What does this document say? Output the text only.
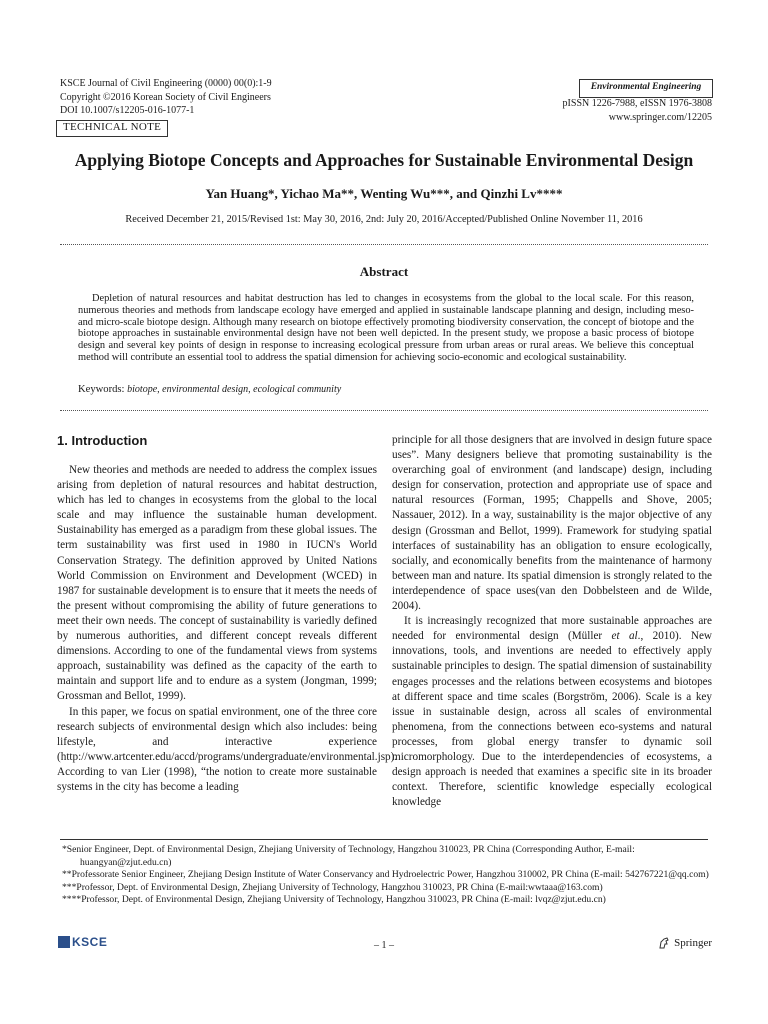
KSCE Journal of Civil Engineering (0000) 00(0):1-9
Copyright ©2016 Korean Society of Civil Engineers
DOI 10.1007/s12205-016-1077-1
TECHNICAL NOTE
Environmental Engineering
pISSN 1226-7988, eISSN 1976-3808
www.springer.com/12205
Applying Biotope Concepts and Approaches for Sustainable Environmental Design
Yan Huang*, Yichao Ma**, Wenting Wu***, and Qinzhi Lv****
Received December 21, 2015/Revised 1st: May 30, 2016, 2nd: July 20, 2016/Accepted/Published Online November 11, 2016
Abstract

Depletion of natural resources and habitat destruction has led to changes in ecosystems from the global to the local scale. For this reason, numerous theories and methods from landscape ecology have emerged and applied in sustainable landscape planning and design, including meso-and micro-scale biotope design. Although many research on biotope effectively promoting biodiversity conservation, the concept of biotope and the biotope approaches in sustainable environmental design have not been well depicted. In the present study, we propose a basic process of biotope design and several key points of design in response to increasing ecological pressure from urban areas or rural areas. We believe this conceptual method will contribute an essential tool to address the spatial dimension for achieving socio-economic and ecological sustainability.

Keywords: biotope, environmental design, ecological community
1. Introduction

New theories and methods are needed to address the complex issues arising from depletion of natural resources and habitat destruction, which has led to changes in ecosystems from the global to the local scale and may influence the sustainable human development. Sustainability has emerged as a paradigm from these global issues. The term sustainability was first used in 1980 in IUCN's World Conservation Strategy. The definition approved by United Nations World Commission on Environment and Development (WCED) in 1987 for sustainable development is to ensure that it meets the needs of the present without compromising the ability of future generations to meet their own needs. The concept of sustainability is variedly defined by numerous authorities, and different concept reveals different dimensions. According to one of the fundamental views from systems approach, sustainability was defined as the capacity of the earth to maintain and support life and to endure as a system (Jongman, 1999; Grossman and Bellot, 1999).

In this paper, we focus on spatial environment, one of the three core research subjects of environmental design which also includes: being lifestyle, and interactive experience (http://www.artcenter.edu/accd/programs/undergraduate/environmental.jsp). According to van Lier (1998), “the notion to create more sustainable systems in the city has become a leading

principle for all those designers that are involved in design future space uses”. Many designers believe that promoting sustainability is the overarching goal of environment (and landscape) design, including design for conservation, protection and appropriate use of space and natural resources (Forman, 1995; Chappells and Shove, 2005; Nassauer, 2012). In a way, sustainability is the major objective of any design (Grossman and Bellot, 1999). Framework for studying spatial interfaces of sustainability has an obligation to ensure ecologically, socially, and economically benefits from the maintenance of harmony between man and nature. Its spatial dimension is strongly related to the interdependence of space uses(van den Dobbelsteen and de Wilde, 2004).

It is increasingly recognized that more sustainable approaches are needed for environmental design (Müller et al., 2010). New innovations, tools, and inventions are needed to effectively apply sustainable principles to design. The spatial dimension of sustainability engages processes and the relations between ecosystems and biotopes at different space and time scales (Borgström, 2006). Scale is a key issue in sustainable design, across all scales of environmental phenomena, from the connections between eco-systems and natural processes, from global energy transfer to dynamic soil micromorphology. Due to the interdependencies of ecosystems, a design approach is needed that examines a specific site in its broader context. Therefore, scientific knowledge especially ecological knowledge

*Senior Engineer, Dept. of Environmental Design, Zhejiang University of Technology, Hangzhou 310023, PR China (Corresponding Author, E-mail: huangyan@zjut.edu.cn)
**Professorate Senior Engineer, Zhejiang Design Institute of Water Conservancy and Hydroelectric Power, Hangzhou 310002, PR China (E-mail: 542767221@qq.com)
***Professor, Dept. of Environmental Design, Zhejiang University of Technology, Hangzhou 310023, PR China (E-mail:wwtaaa@163.com)
****Professor, Dept. of Environmental Design, Zhejiang University of Technology, Hangzhou 310023, PR China (E-mail: lvqz@zjut.edu.cn)
KSCE	– 1 –	Springer
